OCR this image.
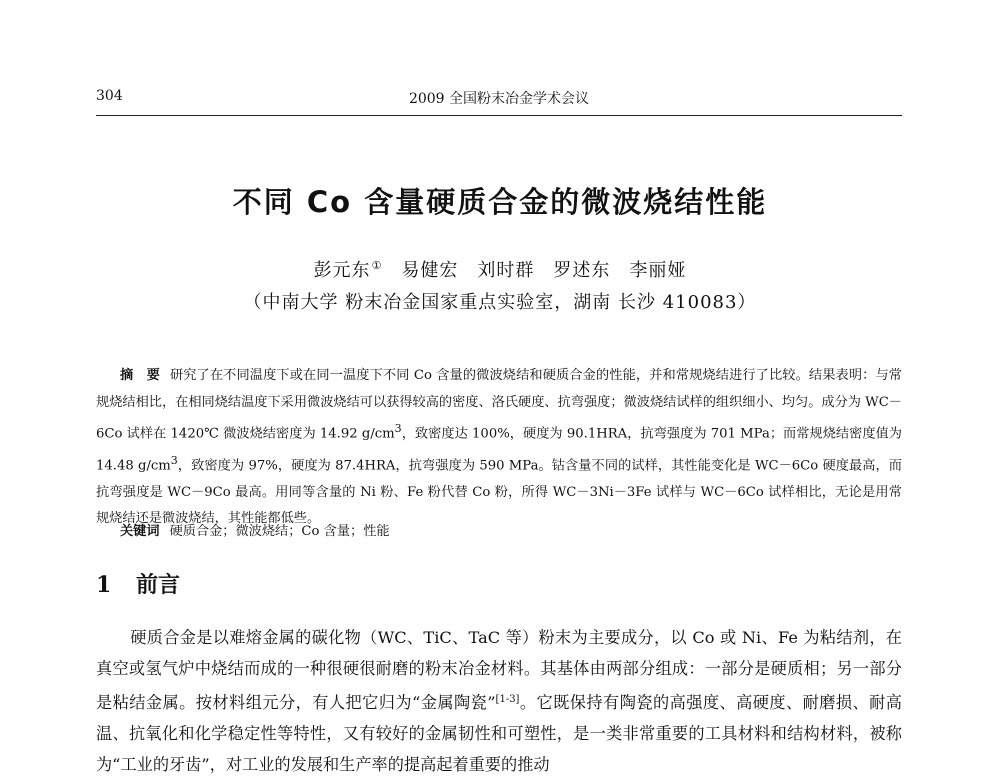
304	2009 全国粉末冶金学术会议
不同 Co 含量硬质合金的微波烧结性能
彭元东①　 易健宏　刘时群　罗述东　李丽娅
（中南大学 粉末冶金国家重点实验室，湖南 长沙 410083）
摘　要 研究了在不同温度下或在同一温度下不同 Co 含量的微波烧结和硬质合金的性能，并和常规烧结进行了比较。结果表明：与常规烧结相比，在相同烧结温度下采用微波烧结可以获得较高的密度、洛氏硬度、抗弯强度；微波烧结试样的组织细小、均匀。成分为 WC－6Co 试样在 1420℃ 微波烧结密度为 14.92 $g/cm^3$，致密度达 100%，硬度为 90.1HRA，抗弯强度为 701 MPa；而常规烧结密度值为 14.48 $g/cm^3$，致密度为 97%，硬度为 87.4HRA，抗弯强度为 590 MPa。钴含量不同的试样，其性能变化是 WC－6Co 硬度最高，而抗弯强度是 WC－9Co 最高。用同等含量的 Ni 粉、Fe 粉代替 Co 粉，所得 WC－3Ni－3Fe 试样与 WC－6Co 试样相比，无论是用常规烧结还是微波烧结，其性能都低些。
关键词 硬质合金；微波烧结；Co 含量；性能
1 前言
硬质合金是以难熔金属的碳化物（WC、TiC、TaC 等）粉末为主要成分，以 Co 或 Ni、Fe 为粘结剂，在真空或氢气炉中烧结而成的一种很硬很耐磨的粉末冶金材料。其基体由两部分组成：一部分是硬质相；另一部分是粘结金属。按材料组元分，有人把它归为“金属陶瓷”[1-3]。它既保持有陶瓷的高强度、高硬度、耐磨损、耐高温、抗氧化和化学稳定性等特性，又有较好的金属韧性和可塑性，是一类非常重要的工具材料和结构材料，被称为“工业的牙齿”，对工业的发展和生产率的提高起着重要的推动
